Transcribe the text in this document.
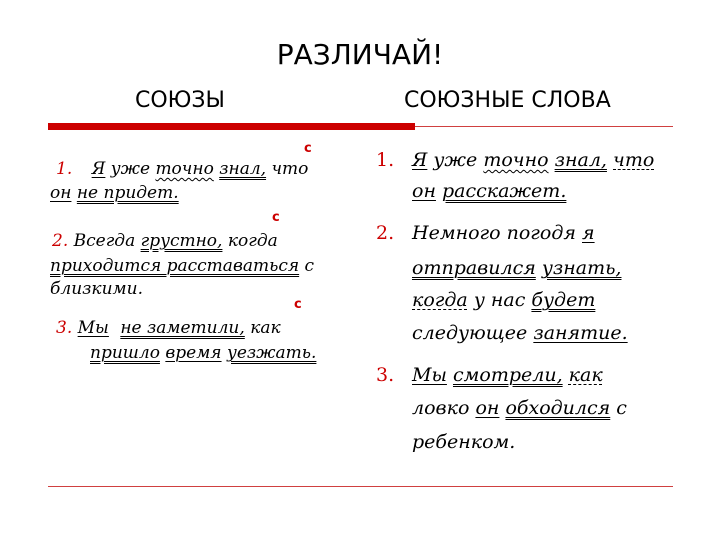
РАЗЛИЧАЙ!
СОЮЗЫ	СОЮЗНЫЕ СЛОВА
с
1. Я уже точно знал, что
он не придет.
с
2. Всегда грустно, когда
приходится расставаться с
близкими.
с
3. Мы не заметили, как
пришло время уезжать.
1. Я уже точно знал, что
он расскажет.
2. Немного погодя я
отправился узнать,
когда у нас будет
следующее занятие.
3. Мы смотрели, как
ловко он обходился с
ребенком.
